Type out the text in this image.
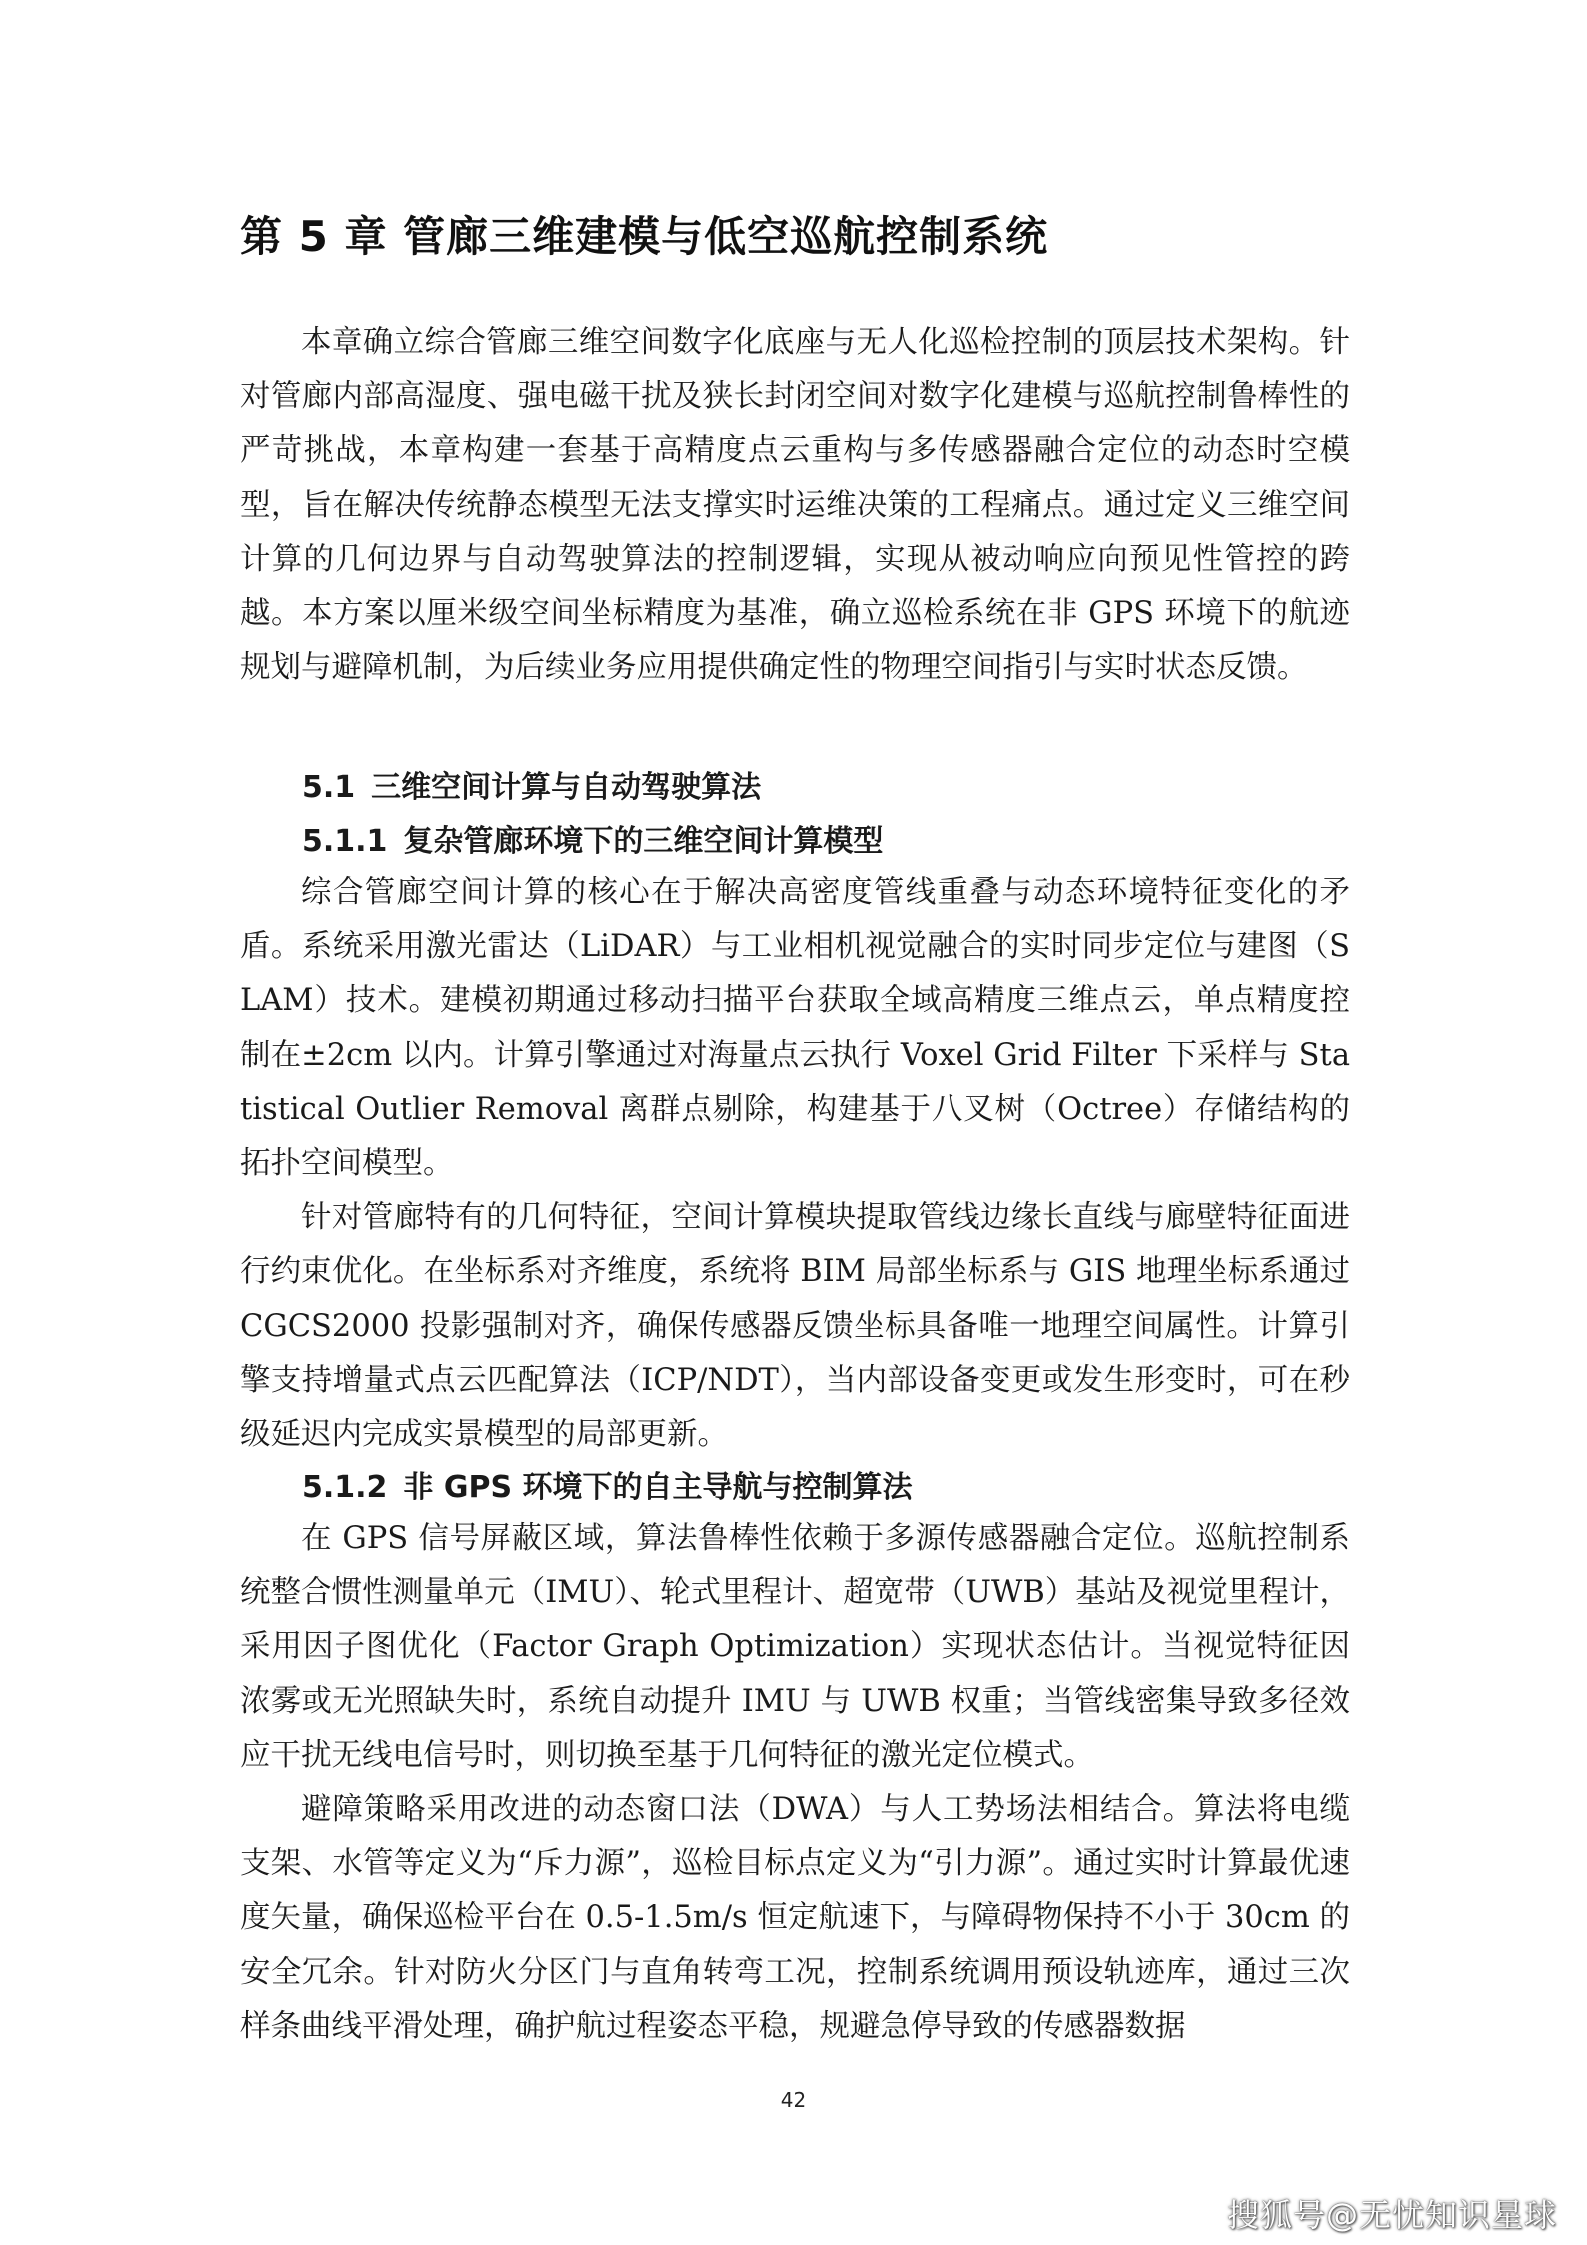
第 5 章 管廊三维建模与低空巡航控制系统

本章确立综合管廊三维空间数字化底座与无人化巡检控制的顶层技术架构。针对管廊内部高湿度、强电磁干扰及狭长封闭空间对数字化建模与巡航控制鲁棒性的严苛挑战，本章构建一套基于高精度点云重构与多传感器融合定位的动态时空模型，旨在解决传统静态模型无法支撑实时运维决策的工程痛点。通过定义三维空间计算的几何边界与自动驾驶算法的控制逻辑，实现从被动响应向预见性管控的跨越。本方案以厘米级空间坐标精度为基准，确立巡检系统在非 GPS 环境下的航迹规划与避障机制，为后续业务应用提供确定性的物理空间指引与实时状态反馈。

5.1 三维空间计算与自动驾驶算法
5.1.1 复杂管廊环境下的三维空间计算模型

综合管廊空间计算的核心在于解决高密度管线重叠与动态环境特征变化的矛盾。系统采用激光雷达（LiDAR）与工业相机视觉融合的实时同步定位与建图（SLAM）技术。建模初期通过移动扫描平台获取全域高精度三维点云，单点精度控制在±2cm 以内。计算引擎通过对海量点云执行 Voxel Grid Filter 下采样与 Statistical Outlier Removal 离群点剔除，构建基于八叉树（Octree）存储结构的拓扑空间模型。

针对管廊特有的几何特征，空间计算模块提取管线边缘长直线与廊壁特征面进行约束优化。在坐标系对齐维度，系统将 BIM 局部坐标系与 GIS 地理坐标系通过 CGCS2000 投影强制对齐，确保传感器反馈坐标具备唯一地理空间属性。计算引擎支持增量式点云匹配算法（ICP/NDT），当内部设备变更或发生形变时，可在秒级延迟内完成实景模型的局部更新。

5.1.2 非 GPS 环境下的自主导航与控制算法

在 GPS 信号屏蔽区域，算法鲁棒性依赖于多源传感器融合定位。巡航控制系统整合惯性测量单元（IMU）、轮式里程计、超宽带（UWB）基站及视觉里程计，采用因子图优化（Factor Graph Optimization）实现状态估计。当视觉特征因浓雾或无光照缺失时，系统自动提升 IMU 与 UWB 权重；当管线密集导致多径效应干扰无线电信号时，则切换至基于几何特征的激光定位模式。

避障策略采用改进的动态窗口法（DWA）与人工势场法相结合。算法将电缆支架、水管等定义为“斥力源”，巡检目标点定义为“引力源”。通过实时计算最优速度矢量，确保巡检平台在 0.5-1.5m/s 恒定航速下，与障碍物保持不小于 30cm 的安全冗余。针对防火分区门与直角转弯工况，控制系统调用预设轨迹库，通过三次样条曲线平滑处理，确护航过程姿态平稳，规避急停导致的传感器数据

42
搜狐号@无忧知识星球
